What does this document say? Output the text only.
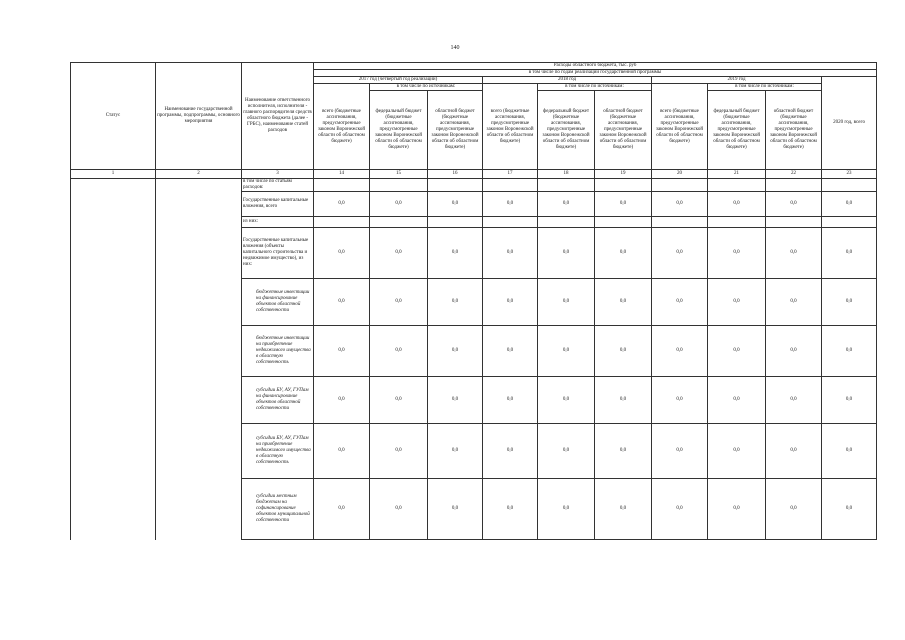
140
Статус	Наименование государственной программы, подпрограммы, основного мероприятия	Наименование ответственного исполнителя, исполнителя - главного распорядителя средств областного бюджета (далее - ГРБС), наименование статей расходов	Расходы областного бюджета, тыс. руб									
			в том числе по годам реализации государственной программы									
			2017 год (четвертый год реализации)			2018 год			2019 год			2020 год, всего
			всего (бюджетные ассигнования, предусмотренные законом Воронежской области об областном бюджете)	в том числе по источникам:		всего (бюджетные ассигнования, предусмотренные законом Воронежской области об областном бюджете)	в том числе по источникам:		всего (бюджетные ассигнования, предусмотренные законом Воронежской области об областном бюджете)	в том числе по источникам:		
				федеральный бюджет (бюджетные ассигнования, предусмотренные законом Воронежской области об областном бюджете)	областной бюджет (бюджетные ассигнования, предусмотренные законом Воронежской области об областном бюджете)		федеральный бюджет (бюджетные ассигнования, предусмотренные законом Воронежской области об областном бюджете)	областной бюджет (бюджетные ассигнования, предусмотренные законом Воронежской области об областном бюджете)		федеральный бюджет (бюджетные ассигнования, предусмотренные законом Воронежской области об областном бюджете)	областной бюджет (бюджетные ассигнования, предусмотренные законом Воронежской области об областном бюджете)	
1	2	3	14	15	16	17	18	19	20	21	22	23
		в том числе по статьям расходов:										
		Государственные капитальные вложения, всего	0,0	0,0	0,0	0,0	0,0	0,0	0,0	0,0	0,0	0,0
		из них:										
		Государственные капитальные вложения (объекты капитального строительства и недвижимое имущество), из них:	0,0	0,0	0,0	0,0	0,0	0,0	0,0	0,0	0,0	0,0
		бюджетные инвестиции на финансирование объектов областной собственности	0,0	0,0	0,0	0,0	0,0	0,0	0,0	0,0	0,0	0,0
		бюджетные инвестиции на приобретение недвижимого имущества в областную собственность	0,0	0,0	0,0	0,0	0,0	0,0	0,0	0,0	0,0	0,0
		субсидии БУ, АУ, ГУПам на финансирование объектов областной собственности	0,0	0,0	0,0	0,0	0,0	0,0	0,0	0,0	0,0	0,0
		субсидии БУ, АУ, ГУПам на приобретение недвижимого имущества в областную собственность	0,0	0,0	0,0	0,0	0,0	0,0	0,0	0,0	0,0	0,0
		субсидии местным бюджетам на софинансирование объектов муниципальной собственности	0,0	0,0	0,0	0,0	0,0	0,0	0,0	0,0	0,0	0,0
